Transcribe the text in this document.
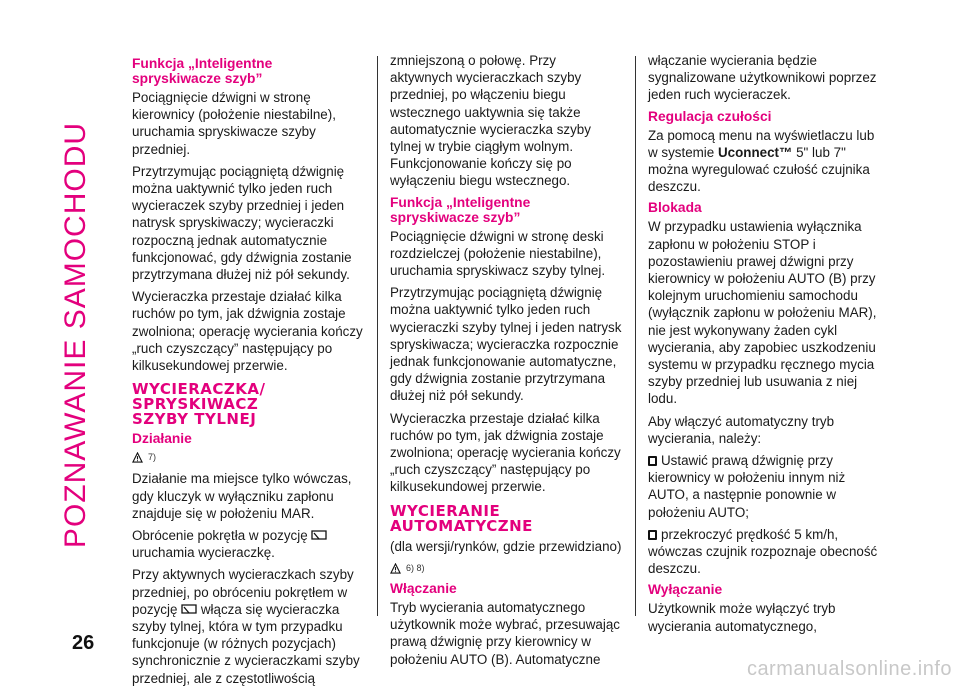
POZNAWANIE SAMOCHODU
26
Funkcja „Inteligentne spryskiwacze szyb”

Pociągnięcie dźwigni w stronę kierownicy (położenie niestabilne), uruchamia spryskiwacze szyby przedniej.

Przytrzymując pociągniętą dźwignię można uaktywnić tylko jeden ruch wycieraczek szyby przedniej i jeden natrysk spryskiwaczy; wycieraczki rozpoczną jednak automatycznie funkcjonować, gdy dźwignia zostanie przytrzymana dłużej niż pół sekundy.

Wycieraczka przestaje działać kilka ruchów po tym, jak dźwignia zostaje zwolniona; operację wycierania kończy „ruch czyszczący” następujący po kilkusekundowej przerwie.

WYCIERACZKA/
SPRYSKIWACZ
SZYBY TYLNEJ
Działanie
7)

Działanie ma miejsce tylko wówczas, gdy kluczyk w wyłączniku zapłonu znajduje się w położeniu MAR.

Obrócenie pokrętła w pozycję  uruchamia wycieraczkę.

Przy aktywnych wycieraczkach szyby przedniej, po obróceniu pokrętłem w pozycję włącza się wycieraczka szyby tylnej, która w tym przypadku funkcjonuje (w różnych pozycjach) synchronicznie z wycieraczkami szyby przedniej, ale z częstotliwością

zmniejszoną o połowę. Przy aktywnych wycieraczkach szyby przedniej, po włączeniu biegu wstecznego uaktywnia się także automatycznie wycieraczka szyby tylnej w trybie ciągłym wolnym. Funkcjonowanie kończy się po wyłączeniu biegu wstecznego.

Funkcja „Inteligentne spryskiwacze szyb”

Pociągnięcie dźwigni w stronę deski rozdzielczej (położenie niestabilne), uruchamia spryskiwacz szyby tylnej.

Przytrzymując pociągniętą dźwignię można uaktywnić tylko jeden ruch wycieraczki szyby tylnej i jeden natrysk spryskiwacza; wycieraczka rozpocznie jednak funkcjonowanie automatyczne, gdy dźwignia zostanie przytrzymana dłużej niż pół sekundy.

Wycieraczka przestaje działać kilka ruchów po tym, jak dźwignia zostaje zwolniona; operację wycierania kończy „ruch czyszczący” następujący po kilkusekundowej przerwie.

WYCIERANIE
AUTOMATYCZNE

(dla wersji/rynków, gdzie przewidziano)

6) 8)
Włączanie

Tryb wycierania automatycznego użytkownik może wybrać, przesuwając prawą dźwignię przy kierownicy w położeniu AUTO (B). Automatyczne

włączanie wycierania będzie sygnalizowane użytkownikowi poprzez jeden ruch wycieraczek.

Regulacja czułości

Za pomocą menu na wyświetlaczu lub w systemie Uconnect™ 5" lub 7" można wyregulować czułość czujnika deszczu.

Blokada

W przypadku ustawienia wyłącznika zapłonu w położeniu STOP i pozostawieniu prawej dźwigni przy kierownicy w położeniu AUTO (B) przy kolejnym uruchomieniu samochodu (wyłącznik zapłonu w położeniu MAR), nie jest wykonywany żaden cykl wycierania, aby zapobiec uszkodzeniu systemu w przypadku ręcznego mycia szyby przedniej lub usuwania z niej lodu.

Aby włączyć automatyczny tryb wycierania, należy:

Ustawić prawą dźwignię przy kierownicy w położeniu innym niż AUTO, a następnie ponownie w położeniu AUTO;

przekroczyć prędkość 5 km/h, wówczas czujnik rozpoznaje obecność deszczu.

Wyłączanie

Użytkownik może wyłączyć tryb wycierania automatycznego,

carmanualsonline.info
